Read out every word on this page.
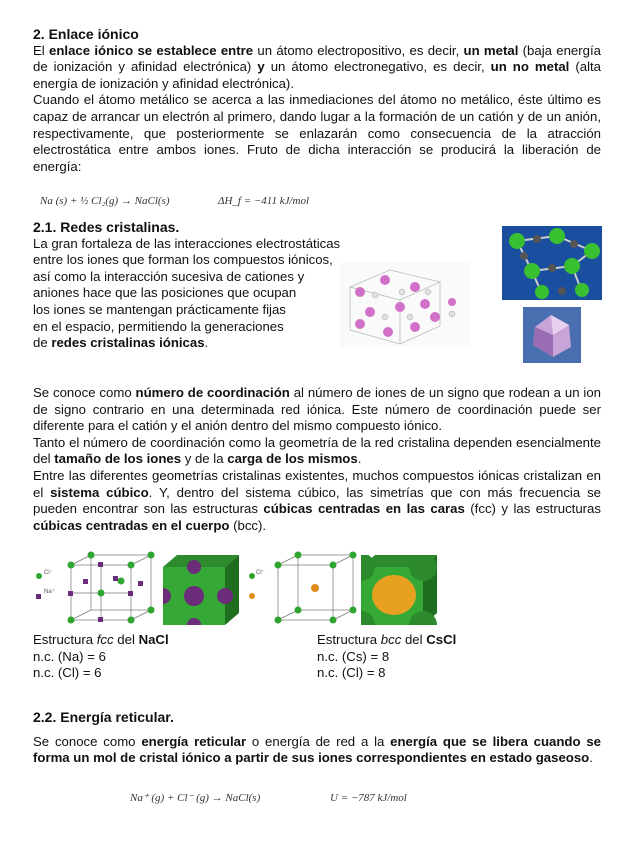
2. Enlace iónico

El enlace iónico se establece entre un átomo electropositivo, es decir, un metal (baja energía de ionización y afinidad electrónica) y un átomo electronegativo, es decir, un no metal (alta energía de ionización y afinidad electrónica).

Cuando el átomo metálico se acerca a las inmediaciones del átomo no metálico, éste último es capaz de arrancar un electrón al primero, dando lugar a la formación de un catión y de un anión, respectivamente, que posteriormente se enlazarán como consecuencia de la atracción electrostática entre ambos iones. Fruto de dicha interacción se producirá la liberación de energía:

Na (s) + ½ Cl₂(g) → NaCl(s)	ΔH_f = −411 kJ/mol
2.1. Redes cristalinas.
La gran fortaleza de las interacciones electrostáticas
entre los iones que forman los compuestos iónicos,
así como la interacción sucesiva de cationes y
aniones hace que las posiciones que ocupan
los iones se mantengan prácticamente fijas
en el espacio, permitiendo la generaciones
de redes cristalinas iónicas.

Se conoce como número de coordinación al número de iones de un signo que rodean a un ion de signo contrario en una determinada red iónica. Este número de coordinación puede ser diferente para el catión y el anión dentro del mismo compuesto iónico.

Tanto el número de coordinación como la geometría de la red cristalina dependen esencialmente del tamaño de los iones y de la carga de los mismos.

Entre las diferentes geometrías cristalinas existentes, muchos compuestos iónicas cristalizan en el sistema cúbico. Y, dentro del sistema cúbico, las simetrías que con más frecuencia se pueden encontrar son las estructuras cúbicas centradas en las caras (fcc) y las estructuras cúbicas centradas en el cuerpo (bcc).

Cl⁻
Na⁺
Cl⁻
Estructura fcc del NaCl
n.c. (Na) = 6
n.c. (Cl) = 6
Estructura bcc del CsCl
n.c. (Cs) = 8
n.c. (Cl) = 8
2.2. Energía reticular.

Se conoce como energía reticular o energía de red a la energía que se libera cuando se forma un mol de cristal iónico a partir de sus iones correspondientes en estado gaseoso.

Na⁺ (g) + Cl⁻ (g) → NaCl(s)	U = −787 kJ/mol
